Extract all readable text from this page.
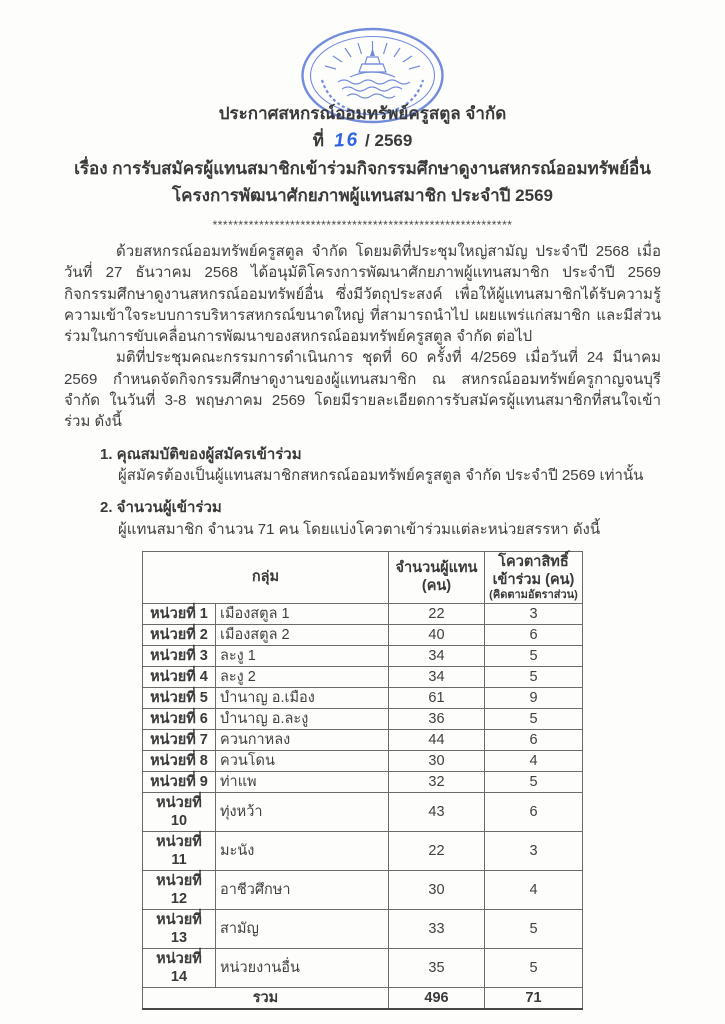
ประกาศสหกรณ์ออมทรัพย์ครูสตูล จำกัด
ที่ 16 / 2569
เรื่อง การรับสมัครผู้แทนสมาชิกเข้าร่วมกิจกรรมศึกษาดูงานสหกรณ์ออมทรัพย์อื่น
โครงการพัฒนาศักยภาพผู้แทนสมาชิก ประจำปี 2569
**********************************************************

ด้วยสหกรณ์ออมทรัพย์ครูสตูล จำกัด โดยมติที่ประชุมใหญ่สามัญ ประจำปี 2568 เมื่อวันที่ 27 ธันวาคม 2568 ได้อนุมัติโครงการพัฒนาศักยภาพผู้แทนสมาชิก ประจำปี 2569 กิจกรรมศึกษาดูงานสหกรณ์ออมทรัพย์อื่น ซึ่งมีวัตถุประสงค์ เพื่อให้ผู้แทนสมาชิกได้รับความรู้ ความเข้าใจระบบการบริหารสหกรณ์ขนาดใหญ่ ที่สามารถนำไป เผยแพร่แก่สมาชิก และมีส่วนร่วมในการขับเคลื่อนการพัฒนาของสหกรณ์ออมทรัพย์ครูสตูล จำกัด ต่อไป

มติที่ประชุมคณะกรรมการดำเนินการ ชุดที่ 60 ครั้งที่ 4/2569 เมื่อวันที่ 24 มีนาคม 2569 กำหนดจัดกิจกรรมศึกษาดูงานของผู้แทนสมาชิก ณ สหกรณ์ออมทรัพย์ครูกาญจนบุรี จำกัด ในวันที่ 3-8 พฤษภาคม 2569 โดยมีรายละเอียดการรับสมัครผู้แทนสมาชิกที่สนใจเข้าร่วม ดังนี้

1. คุณสมบัติของผู้สมัครเข้าร่วม
ผู้สมัครต้องเป็นผู้แทนสมาชิกสหกรณ์ออมทรัพย์ครูสตูล จำกัด ประจำปี 2569 เท่านั้น
2. จำนวนผู้เข้าร่วม
ผู้แทนสมาชิก จำนวน 71 คน โดยแบ่งโควตาเข้าร่วมแต่ละหน่วยสรรหา ดังนี้
กลุ่ม	
จำนวนผู้แทน
(คน)

โควตาสิทธิ์เข้าร่วม (คน)
(คิดตามอัตราส่วน)

หน่วยที่ 1	เมืองสตูล 1	22	3
หน่วยที่ 2	เมืองสตูล 2	40	6
หน่วยที่ 3	ละงู 1	34	5
หน่วยที่ 4	ละงู 2	34	5
หน่วยที่ 5	บำนาญ อ.เมือง	61	9
หน่วยที่ 6	บำนาญ อ.ละงู	36	5
หน่วยที่ 7	ควนกาหลง	44	6
หน่วยที่ 8	ควนโดน	30	4
หน่วยที่ 9	ท่าแพ	32	5
หน่วยที่ 10	ทุ่งหว้า	43	6
หน่วยที่ 11	มะนัง	22	3
หน่วยที่ 12	อาชีวศึกษา	30	4
หน่วยที่ 13	สามัญ	33	5
หน่วยที่ 14	หน่วยงานอื่น	35	5
รวม		496	71
